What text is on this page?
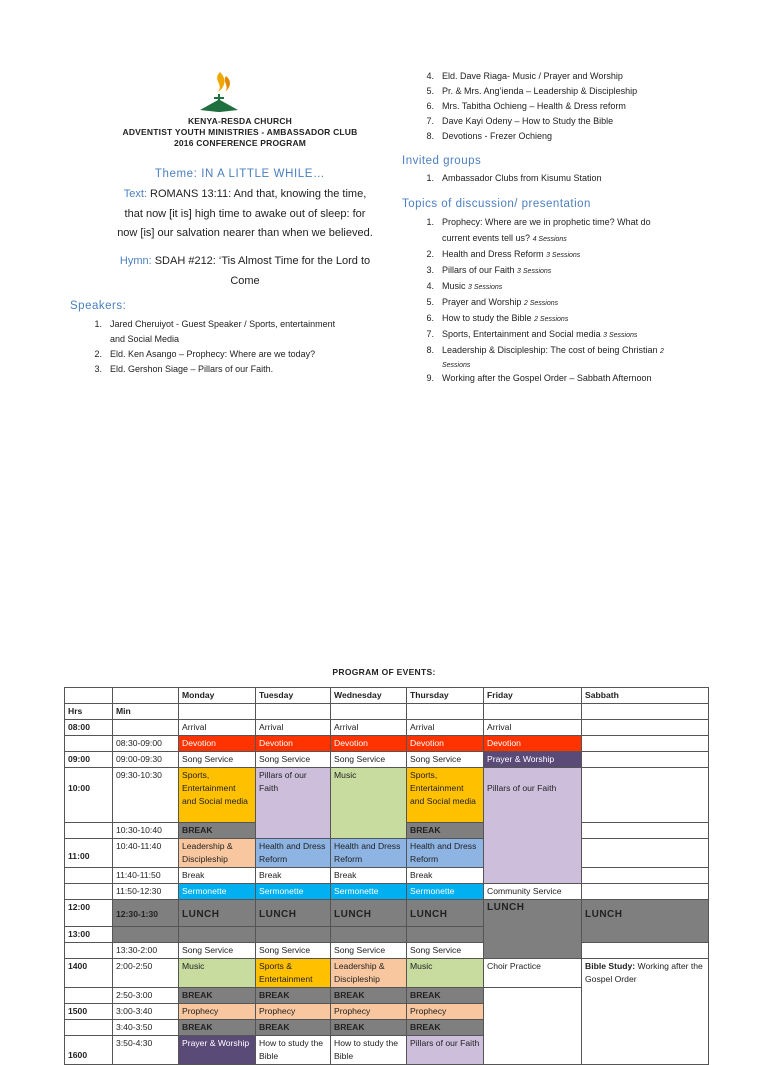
KENYA-RESDA CHURCH
ADVENTIST YOUTH MINISTRIES - AMBASSADOR CLUB
2016 CONFERENCE PROGRAM
Theme: IN A LITTLE WHILE…
Text: ROMANS 13:11: And that, knowing the time,
that now [it is] high time to awake out of sleep: for
now [is] our salvation nearer than when we believed.
Hymn: SDAH #212: ‘Tis Almost Time for the Lord to
Come
Speakers:
1. Jared Cheruiyot - Guest Speaker / Sports, entertainment
and Social Media
2. Eld. Ken Asango – Prophecy: Where are we today?
3. Eld. Gershon Siage – Pillars of our Faith.
4. Eld. Dave Riaga- Music / Prayer and Worship
5. Pr. & Mrs. Ang’ienda – Leadership & Discipleship
6. Mrs. Tabitha Ochieng – Health & Dress reform
7. Dave Kayi Odeny – How to Study the Bible
8. Devotions - Frezer Ochieng
Invited groups
1. Ambassador Clubs from Kisumu Station
Topics of discussion/ presentation
1. Prophecy: Where are we in prophetic time? What do
current events tell us? 4 Sessions
2. Health and Dress Reform 3 Sessions
3. Pillars of our Faith 3 Sessions
4. Music 3 Sessions
5. Prayer and Worship 2 Sessions
6. How to study the Bible 2 Sessions
7. Sports, Entertainment and Social media 3 Sessions
8. Leadership & Discipleship: The cost of being Christian 2
Sessions
9. Working after the Gospel Order – Sabbath Afternoon
PROGRAM OF EVENTS:
		Monday	Tuesday	Wednesday	Thursday	Friday	Sabbath
Hrs	Min						
08:00		Arrival	Arrival	Arrival	Arrival	Arrival	
	08:30-09:00	Devotion	Devotion	Devotion	Devotion	Devotion	
09:00	09:00-09:30	Song Service	Song Service	Song Service	Song Service	Prayer & Worship	

10:00	09:30-10:30	Sports, Entertainment and Social media	Pillars of our Faith	Music	Sports, Entertainment and Social media	Pillars of our Faith	
	10:30-10:40	BREAK			BREAK		

11:00	10:40-11:40	Leadership & Discipleship	Health and Dress Reform	Health and Dress Reform	Health and Dress Reform		
	11:40-11:50	Break	Break	Break	Break		
	11:50-12:30	Sermonette	Sermonette	Sermonette	Sermonette	Community Service	
12:00	12:30-1:30	LUNCH	LUNCH	LUNCH	LUNCH	LUNCH	LUNCH
13:00							
	13:30-2:00	Song Service	Song Service	Song Service	Song Service		
1400	2:00-2:50	Music	Sports & Entertainment	Leadership & Discipleship	Music	Choir Practice	Bible Study: Working after the Gospel Order
	2:50-3:00	BREAK	BREAK	BREAK	BREAK		
1500	3:00-3:40	Prophecy	Prophecy	Prophecy	Prophecy		
	3:40-3:50	BREAK	BREAK	BREAK	BREAK		

1600	3:50-4:30	Prayer & Worship	How to study the Bible	How to study the Bible	Pillars of our Faith		
